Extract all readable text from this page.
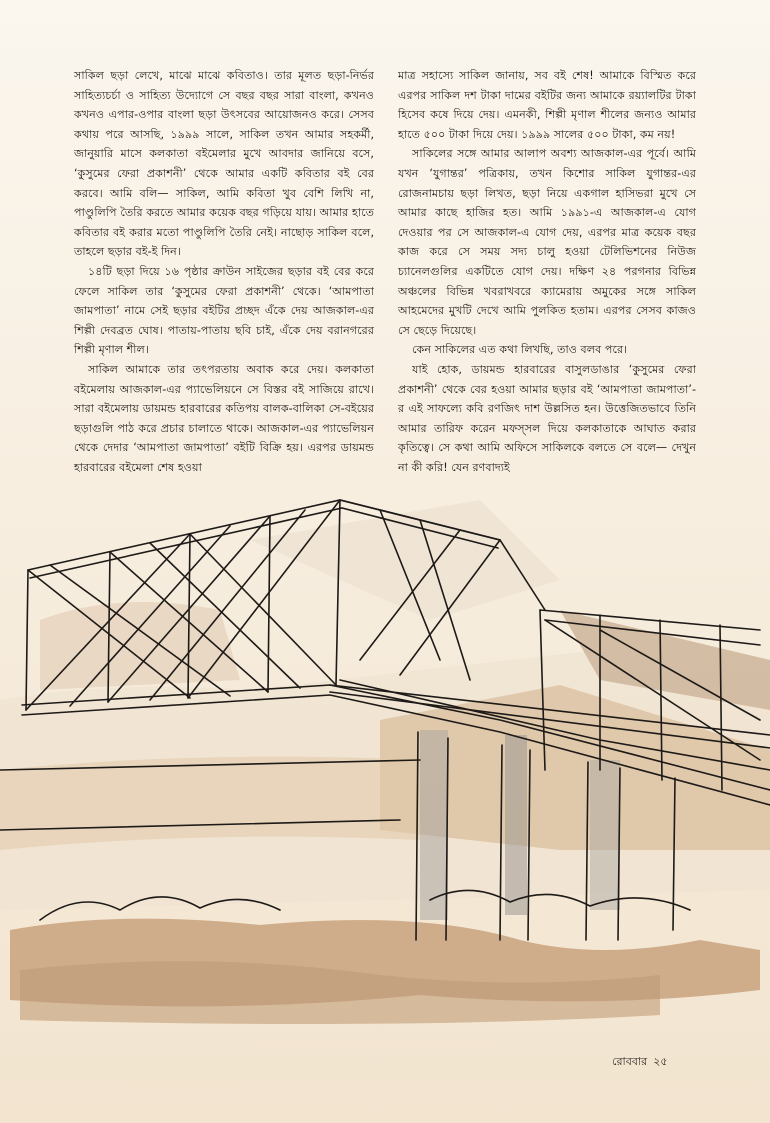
সাকিল ছড়া লেখে, মাঝে মাঝে কবিতাও। তার মূলত ছড়া-নির্ভর সাহিত্যচর্চা ও সাহিত্য উদ্যোগে সে বছর বছর সারা বাংলা, কখনও কখনও এপার-ওপার বাংলা ছড়া উৎসবের আয়োজনও করে। সেসব কথায় পরে আসছি, ১৯৯৯ সালে, সাকিল তখন আমার সহকর্মী, জানুয়ারি মাসে কলকাতা বইমেলার মুখে আবদার জানিয়ে বসে, ‘কুসুমের ফেরা প্রকাশনী’ থেকে আমার একটি কবিতার বই বের করবে। আমি বলি— সাকিল, আমি কবিতা খুব বেশি লিখি না, পাণ্ডুলিপি তৈরি করতে আমার কয়েক বছর গড়িয়ে যায়। আমার হাতে কবিতার বই করার মতো পাণ্ডুলিপি তৈরি নেই। নাছোড় সাকিল বলে, তাহলে ছড়ার বই-ই দিন।

১৪টি ছড়া দিয়ে ১৬ পৃষ্ঠার ক্রাউন সাইজের ছড়ার বই বের করে ফেলে সাকিল তার ‘কুসুমের ফেরা প্রকাশনী’ থেকে। ‘আমপাতা জামপাতা’ নামে সেই ছড়ার বইটির প্রচ্ছদ এঁকে দেয় আজকাল-এর শিল্পী দেবব্রত ঘোষ। পাতায়-পাতায় ছবি চাই, এঁকে দেয় বরানগরের শিল্পী মৃণাল শীল।

সাকিল আমাকে তার তৎপরতায় অবাক করে দেয়। কলকাতা বইমেলায় আজকাল-এর প্যাভেলিয়নে সে বিস্তর বই সাজিয়ে রাখে। সারা বইমেলায় ডায়মন্ড হারবারের কতিপয় বালক-বালিকা সে-বইয়ের ছড়াগুলি পাঠ করে প্রচার চালাতে থাকে। আজকাল-এর প্যাভেলিয়ন থেকে দেদার ‘আমপাতা জামপাতা’ বইটি বিক্রি হয়। এরপর ডায়মন্ড হারবারের বইমেলা শেষ হওয়া

মাত্র সহাস্যে সাকিল জানায়, সব বই শেষ! আমাকে বিস্মিত করে এরপর সাকিল দশ টাকা দামের বইটির জন্য আমাকে রয়্যালটির টাকা হিসেব কষে দিয়ে দেয়। এমনকী, শিল্পী মৃণাল শীলের জন্যও আমার হাতে ৫০০ টাকা দিয়ে দেয়। ১৯৯৯ সালের ৫০০ টাকা, কম নয়!

সাকিলের সঙ্গে আমার আলাপ অবশ্য আজকাল-এর পূর্বে। আমি যখন ‘যুগান্তর’ পত্রিকায়, তখন কিশোর সাকিল যুগান্তর-এর রোজনামচায় ছড়া লিখত, ছড়া নিয়ে একগাল হাসিভরা মুখে সে আমার কাছে হাজির হত। আমি ১৯৯১-এ আজকাল-এ যোগ দেওয়ার পর সে আজকাল-এ যোগ দেয়, এরপর মাত্র কয়েক বছর কাজ করে সে সময় সদ্য চালু হওয়া টেলিভিশনের নিউজ চ্যানেলগুলির একটিতে যোগ দেয়। দক্ষিণ ২৪ পরগনার বিভিন্ন অঞ্চলের বিভিন্ন খবরাখবরে ক্যামেরায় অমুকের সঙ্গে সাকিল আহমেদের মুখটি দেখে আমি পুলকিত হতাম। এরপর সেসব কাজও সে ছেড়ে দিয়েছে।

কেন সাকিলের এত কথা লিখছি, তাও বলব পরে।

যাই হোক, ডায়মন্ড হারবারের বাসুলডাঙার ‘কুসুমের ফেরা প্রকাশনী’ থেকে বের হওয়া আমার ছড়ার বই ‘আমপাতা জামপাতা’-র এই সাফল্যে কবি রণজিৎ দাশ উল্লসিত হন। উত্তেজিতভাবে তিনি আমার তারিফ করেন মফস্সল দিয়ে কলকাতাকে আঘাত করার কৃতিত্বে। সে কথা আমি অফিসে সাকিলকে বলতে সে বলে— দেখুন না কী করি! যেন রণবাদ্যই

রোববার ২৫
